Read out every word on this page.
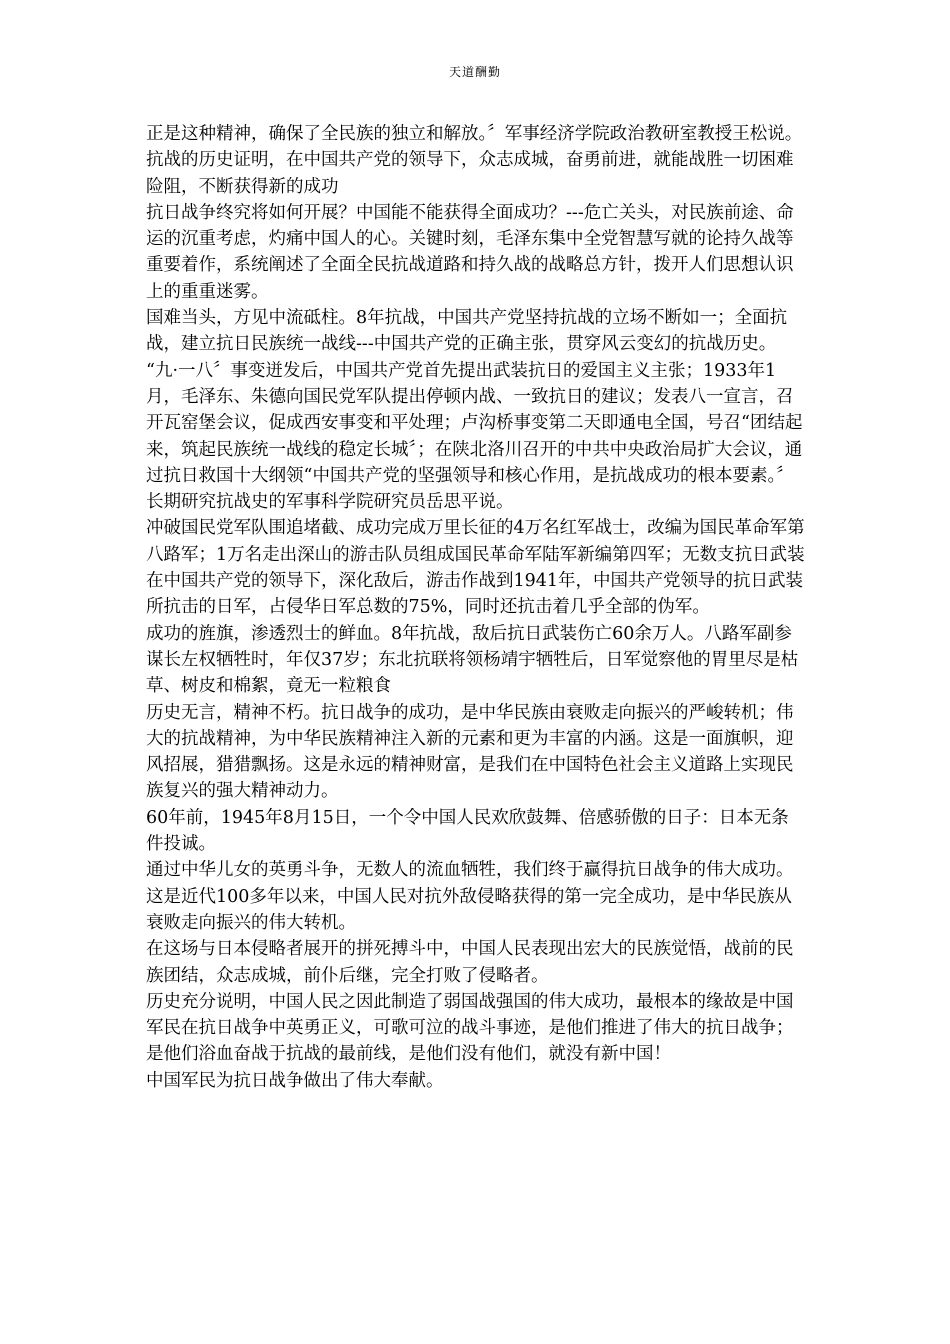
天道酬勤

正是这种精神，确保了全民族的独立和解放。〞军事经济学院政治教研室教授王松说。

抗战的历史证明，在中国共产党的领导下，众志成城，奋勇前进，就能战胜一切困难险阻，不断获得新的成功

抗日战争终究将如何开展？中国能不能获得全面成功？---危亡关头，对民族前途、命运的沉重考虑，灼痛中国人的心。关键时刻，毛泽东集中全党智慧写就的论持久战等重要着作，系统阐述了全面全民抗战道路和持久战的战略总方针，拨开人们思想认识上的重重迷雾。

国难当头，方见中流砥柱。8年抗战，中国共产党坚持抗战的立场不断如一；全面抗战，建立抗日民族统一战线---中国共产党的正确主张，贯穿风云变幻的抗战历史。

“九·一八〞事变迸发后，中国共产党首先提出武装抗日的爱国主义主张；1933年1月，毛泽东、朱德向国民党军队提出停顿内战、一致抗日的建议；发表八一宣言，召开瓦窑堡会议，促成西安事变和平处理；卢沟桥事变第二天即通电全国，号召“团结起来，筑起民族统一战线的稳定长城〞；在陕北洛川召开的中共中央政治局扩大会议，通过抗日救国十大纲领“中国共产党的坚强领导和核心作用，是抗战成功的根本要素。〞长期研究抗战史的军事科学院研究员岳思平说。

冲破国民党军队围追堵截、成功完成万里长征的4万名红军战士，改编为国民革命军第八路军；1万名走出深山的游击队员组成国民革命军陆军新编第四军；无数支抗日武装在中国共产党的领导下，深化敌后，游击作战到1941年，中国共产党领导的抗日武装所抗击的日军，占侵华日军总数的75%，同时还抗击着几乎全部的伪军。

成功的旌旗，渗透烈士的鲜血。8年抗战，敌后抗日武装伤亡60余万人。八路军副参谋长左权牺牲时，年仅37岁；东北抗联将领杨靖宇牺牲后，日军觉察他的胃里尽是枯草、树皮和棉絮，竟无一粒粮食

历史无言，精神不朽。抗日战争的成功，是中华民族由衰败走向振兴的严峻转机；伟大的抗战精神，为中华民族精神注入新的元素和更为丰富的内涵。这是一面旗帜，迎风招展，猎猎飘扬。这是永远的精神财富，是我们在中国特色社会主义道路上实现民族复兴的强大精神动力。

60年前，1945年8月15日，一个令中国人民欢欣鼓舞、倍感骄傲的日子：日本无条件投诚。

通过中华儿女的英勇斗争，无数人的流血牺牲，我们终于赢得抗日战争的伟大成功。

这是近代100多年以来，中国人民对抗外敌侵略获得的第一完全成功，是中华民族从衰败走向振兴的伟大转机。

在这场与日本侵略者展开的拼死搏斗中，中国人民表现出宏大的民族觉悟，战前的民族团结，众志成城，前仆后继，完全打败了侵略者。

历史充分说明，中国人民之因此制造了弱国战强国的伟大成功，最根本的缘故是中国军民在抗日战争中英勇正义，可歌可泣的战斗事迹，是他们推进了伟大的抗日战争；是他们浴血奋战于抗战的最前线，是他们没有他们，就没有新中国！

中国军民为抗日战争做出了伟大奉献。
